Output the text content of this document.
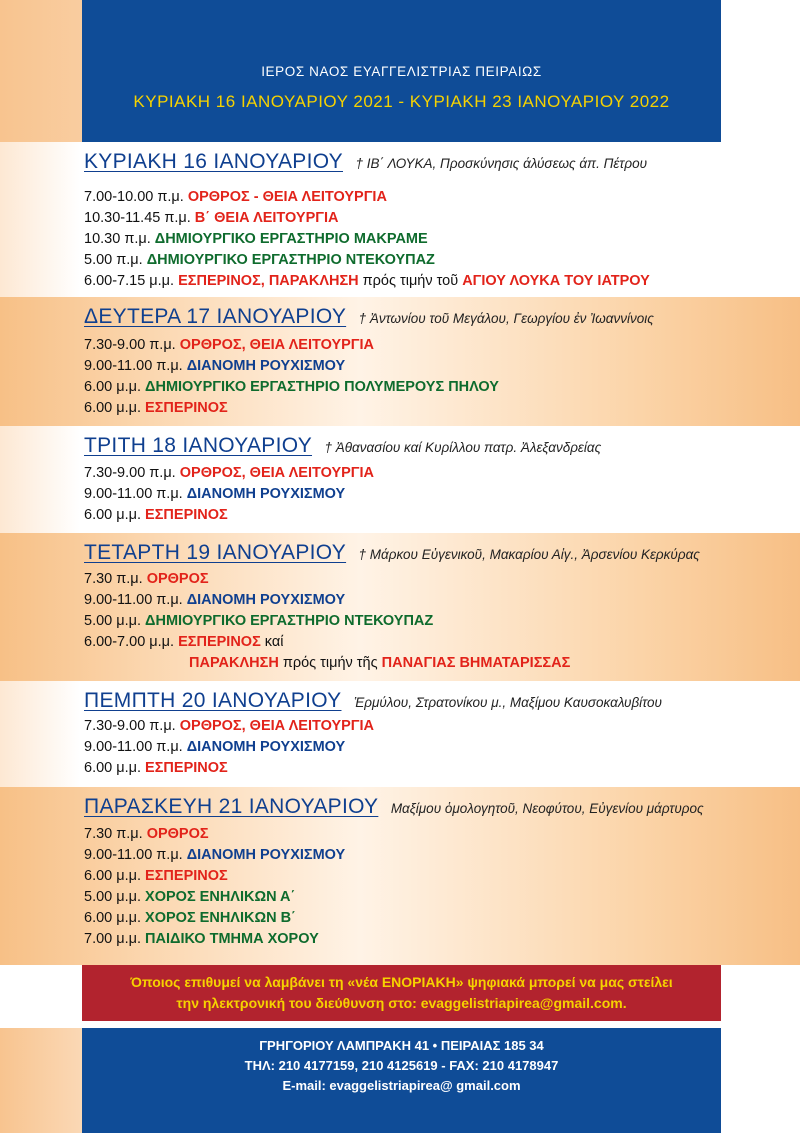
ΙΕΡΟΣ ΝΑΟΣ ΕΥΑΓΓΕΛΙΣΤΡΙΑΣ ΠΕΙΡΑΙΩΣ
ΚΥΡΙΑΚΗ 16 ΙΑΝΟΥΑΡΙΟΥ 2021 - ΚΥΡΙΑΚΗ 23 ΙΑΝΟΥΑΡΙΟΥ 2022
ΚΥΡΙΑΚΗ 16 ΙΑΝΟΥΑΡΙΟΥ † ΙΒ΄ ΛΟΥΚΑ, Προσκύνησις άλύσεως άπ. Πέτρου
7.00-10.00 π.μ. ΟΡΘΡΟΣ - ΘΕΙΑ ΛΕΙΤΟΥΡΓΙΑ
10.30-11.45 π.μ. Β΄ ΘΕΙΑ ΛΕΙΤΟΥΡΓΙΑ
10.30 π.μ. ΔΗΜΙΟΥΡΓΙΚΟ ΕΡΓΑΣΤΗΡΙΟ ΜΑΚΡΑΜΕ
5.00 π.μ. ΔΗΜΙΟΥΡΓΙΚΟ ΕΡΓΑΣΤΗΡΙΟ ΝΤΕΚΟΥΠΑΖ
6.00-7.15 μ.μ. ΕΣΠΕΡΙΝΟΣ, ΠΑΡΑΚΛΗΣΗ πρός τιμήν τοῦ ΑΓΙΟΥ ΛΟΥΚΑ ΤΟΥ ΙΑΤΡΟΥ
ΔΕΥΤΕΡΑ 17 ΙΑΝΟΥΑΡΙΟΥ † Ἀντωνίου τοῦ Μεγάλου, Γεωργίου ἐν Ἰωαννίνοις
7.30-9.00 π.μ. ΟΡΘΡΟΣ, ΘΕΙΑ ΛΕΙΤΟΥΡΓΙΑ
9.00-11.00 π.μ. ΔΙΑΝΟΜΗ ΡΟΥΧΙΣΜΟΥ
6.00 μ.μ. ΔΗΜΙΟΥΡΓΙΚΟ ΕΡΓΑΣΤΗΡΙΟ ΠΟΛΥΜΕΡΟΥΣ ΠΗΛΟΥ
6.00 μ.μ. ΕΣΠΕΡΙΝΟΣ
ΤΡΙΤΗ 18 ΙΑΝΟΥΑΡΙΟΥ † Ἀθανασίου καί Κυρίλλου πατρ. Ἀλεξανδρείας
7.30-9.00 π.μ. ΟΡΘΡΟΣ, ΘΕΙΑ ΛΕΙΤΟΥΡΓΙΑ
9.00-11.00 π.μ. ΔΙΑΝΟΜΗ ΡΟΥΧΙΣΜΟΥ
6.00 μ.μ. ΕΣΠΕΡΙΝΟΣ
ΤΕΤΑΡΤΗ 19 ΙΑΝΟΥΑΡΙΟΥ † Μάρκου Εὐγενικοῦ, Μακαρίου Αἰγ., Ἀρσενίου Κερκύρας
7.30 π.μ. ΟΡΘΡΟΣ
9.00-11.00 π.μ. ΔΙΑΝΟΜΗ ΡΟΥΧΙΣΜΟΥ
5.00 μ.μ. ΔΗΜΙΟΥΡΓΙΚΟ ΕΡΓΑΣΤΗΡΙΟ ΝΤΕΚΟΥΠΑΖ
6.00-7.00 μ.μ. ΕΣΠΕΡΙΝΟΣ καί
ΠΑΡΑΚΛΗΣΗ πρός τιμήν τῆς ΠΑΝΑΓΙΑΣ ΒΗΜΑΤΑΡΙΣΣΑΣ
ΠΕΜΠΤΗ 20 ΙΑΝΟΥΑΡΙΟΥ Ἑρμύλου, Στρατονίκου μ., Μαξίμου Καυσοκαλυβίτου
7.30-9.00 π.μ. ΟΡΘΡΟΣ, ΘΕΙΑ ΛΕΙΤΟΥΡΓΙΑ
9.00-11.00 π.μ. ΔΙΑΝΟΜΗ ΡΟΥΧΙΣΜΟΥ
6.00 μ.μ. ΕΣΠΕΡΙΝΟΣ
ΠΑΡΑΣΚΕΥΗ 21 ΙΑΝΟΥΑΡΙΟΥ Μαξίμου ὁμολογητοῦ, Νεοφύτου, Εὐγενίου μάρτυρος
7.30 π.μ. ΟΡΘΡΟΣ
9.00-11.00 π.μ. ΔΙΑΝΟΜΗ ΡΟΥΧΙΣΜΟΥ
6.00 μ.μ. ΕΣΠΕΡΙΝΟΣ
5.00 μ.μ. ΧΟΡΟΣ ΕΝΗΛΙΚΩΝ Α΄
6.00 μ.μ. ΧΟΡΟΣ ΕΝΗΛΙΚΩΝ Β΄
7.00 μ.μ. ΠΑΙΔΙΚΟ ΤΜΗΜΑ ΧΟΡΟΥ
Όποιος επιθυμεί να λαμβάνει τη «νέα ΕΝΟΡΙΑΚΗ» ψηφιακά μπορεί να μας στείλει
την ηλεκτρονική του διεύθυνση στο: evaggelistriapirea@gmail.com.
ΓΡΗΓΟΡΙΟΥ ΛΑΜΠΡΑΚΗ 41 • ΠΕΙΡΑΙΑΣ 185 34
ΤΗΛ: 210 4177159, 210 4125619 - FAX: 210 4178947
E-mail: evaggelistriapirea@ gmail.com
